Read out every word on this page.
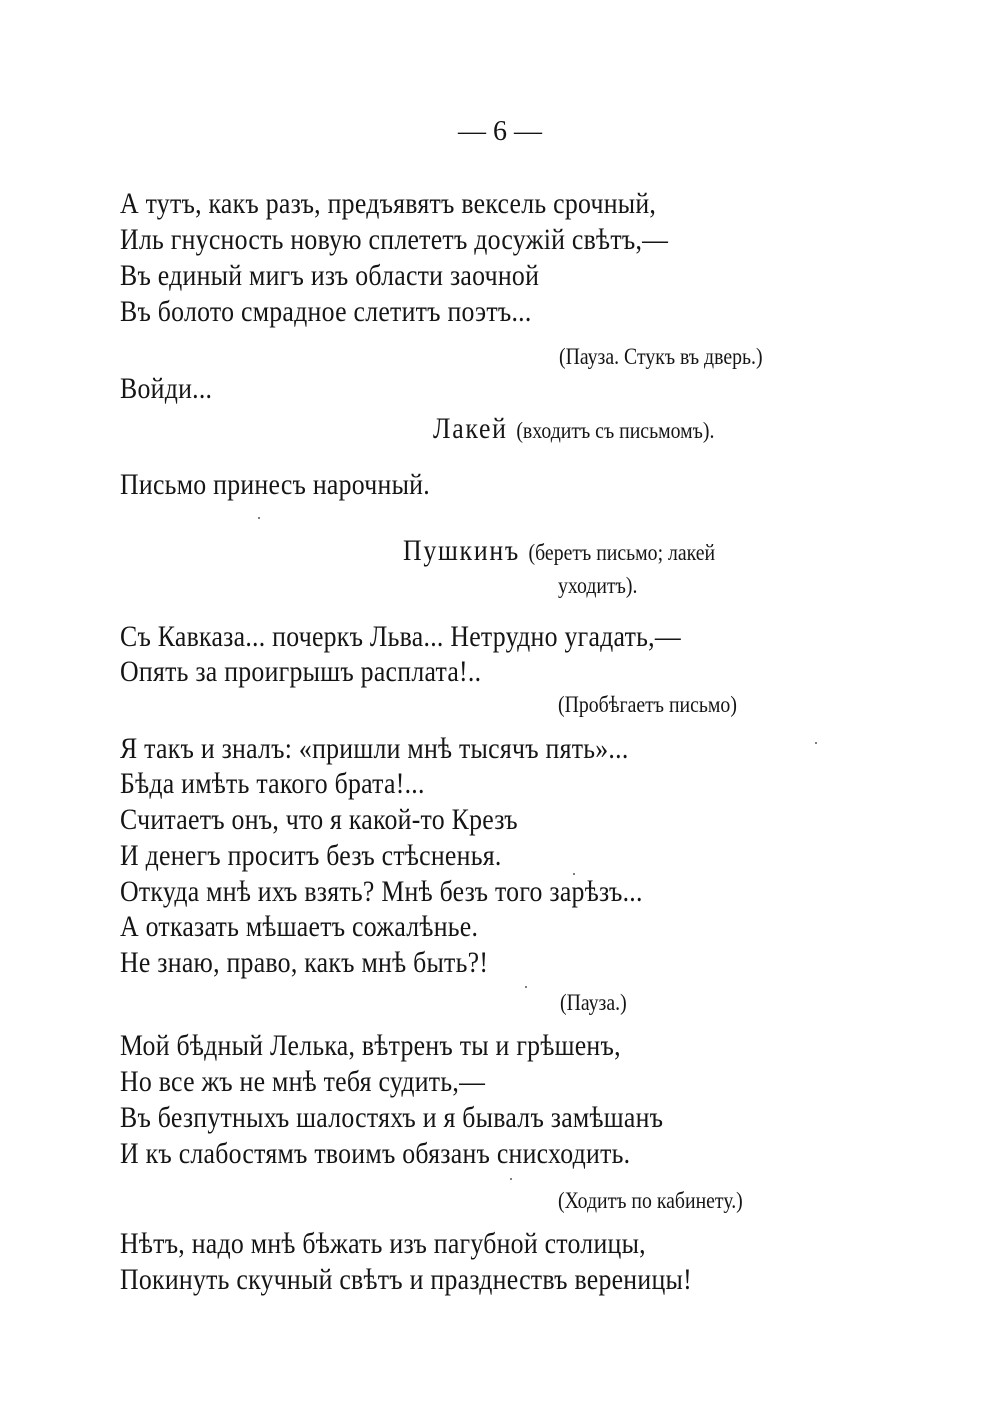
— 6 —
А тутъ, какъ разъ, предъявятъ вексель срочный,
Иль гнусность новую сплететъ досужій свѣтъ,—
Въ единый мигъ изъ области заочной
Въ болото смрадное слетитъ поэтъ...
(Пауза. Стукъ въ дверь.)
Войди...
Лакей (входитъ съ письмомъ).
Письмо принесъ нарочный.
Пушкинъ (беретъ письмо; лакей
уходитъ).
Съ Кавказа... почеркъ Льва... Нетрудно угадать,—
Опять за проигрышъ расплата!..
(Пробѣгаетъ письмо)
Я такъ и зналъ: «пришли мнѣ тысячъ пять»...
Бѣда имѣть такого брата!...
Считаетъ онъ, что я какой-то Крезъ
И денегъ проситъ безъ стѣсненья.
Откуда мнѣ ихъ взять? Мнѣ безъ того зарѣзъ...
А отказать мѣшаетъ сожалѣнье.
Не знаю, право, какъ мнѣ быть?!
(Пауза.)
Мой бѣдный Лелька, вѣтренъ ты и грѣшенъ,
Но все жъ не мнѣ тебя судить,—
Въ безпутныхъ шалостяхъ и я бывалъ замѣшанъ
И къ слабостямъ твоимъ обязанъ снисходить.
(Ходитъ по кабинету.)
Нѣтъ, надо мнѣ бѣжать изъ пагубной столицы,
Покинуть скучный свѣтъ и празднествъ вереницы!
